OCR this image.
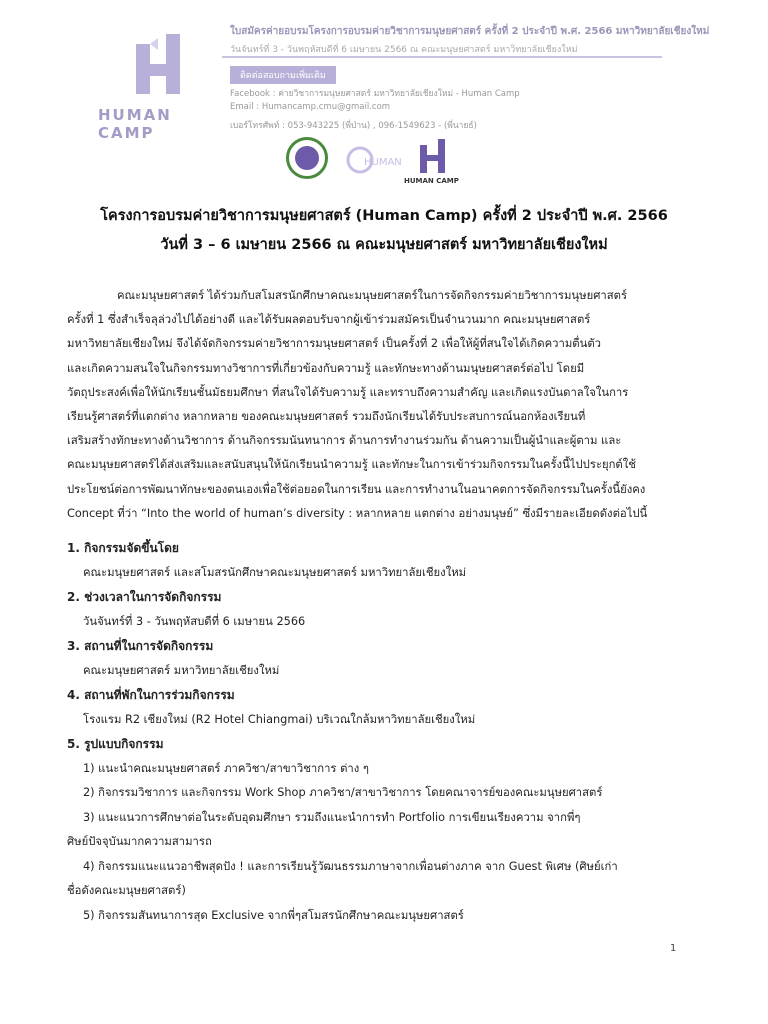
HUMAN CAMP
ใบสมัครค่ายอบรมโครงการอบรมค่ายวิชาการมนุษยศาสตร์ ครั้งที่ 2 ประจำปี พ.ศ. 2566 มหาวิทยาลัยเชียงใหม่
วันจันทร์ที่ 3 - วันพฤหัสบดีที่ 6 เมษายน 2566 ณ คณะมนุษยศาสตร์ มหาวิทยาลัยเชียงใหม่
ติดต่อสอบถามเพิ่มเติม
Facebook : ค่ายวิชาการมนุษยศาสตร์ มหาวิทยาลัยเชียงใหม่ - Human Camp
Email : Humancamp.cmu@gmail.com
เบอร์โทรศัพท์ : 053-943225 (พี่ป่าน) , 096-1549623 - (พี่นายธ์)
HUMAN
HUMAN CAMP
โครงการอบรมค่ายวิชาการมนุษยศาสตร์ (Human Camp) ครั้งที่ 2 ประจำปี พ.ศ. 2566
วันที่ 3 – 6 เมษายน 2566 ณ คณะมนุษยศาสตร์ มหาวิทยาลัยเชียงใหม่
คณะมนุษยศาสตร์ ได้ร่วมกับสโมสรนักศึกษาคณะมนุษยศาสตร์ในการจัดกิจกรรมค่ายวิชาการมนุษยศาสตร์
ครั้งที่ 1 ซึ่งสำเร็จลุล่วงไปได้อย่างดี และได้รับผลตอบรับจากผู้เข้าร่วมสมัครเป็นจำนวนมาก คณะมนุษยศาสตร์
มหาวิทยาลัยเชียงใหม่ จึงได้จัดกิจกรรมค่ายวิชาการมนุษยศาสตร์ เป็นครั้งที่ 2 เพื่อให้ผู้ที่สนใจได้เกิดความตื่นตัว
และเกิดความสนใจในกิจกรรมทางวิชาการที่เกี่ยวข้องกับความรู้ และทักษะทางด้านมนุษยศาสตร์ต่อไป โดยมี
วัตถุประสงค์เพื่อให้นักเรียนชั้นมัธยมศึกษา ที่สนใจได้รับความรู้ และทราบถึงความสำคัญ และเกิดแรงบันดาลใจในการ
เรียนรู้ศาสตร์ที่แตกต่าง หลากหลาย ของคณะมนุษยศาสตร์ รวมถึงนักเรียนได้รับประสบการณ์นอกห้องเรียนที่
เสริมสร้างทักษะทางด้านวิชาการ ด้านกิจกรรมนันทนาการ ด้านการทำงานร่วมกัน ด้านความเป็นผู้นำและผู้ตาม และ
คณะมนุษยศาสตร์ได้ส่งเสริมและสนับสนุนให้นักเรียนนำความรู้ และทักษะในการเข้าร่วมกิจกรรมในครั้งนี้ไปประยุกต์ใช้
ประโยชน์ต่อการพัฒนาทักษะของตนเองเพื่อใช้ต่อยอดในการเรียน และการทำงานในอนาคตการจัดกิจกรรมในครั้งนี้ยังคง
Concept ที่ว่า “Into the world of human’s diversity : หลากหลาย แตกต่าง อย่างมนุษย์” ซึ่งมีรายละเอียดดังต่อไปนี้
1. กิจกรรมจัดขึ้นโดย
คณะมนุษยศาสตร์ และสโมสรนักศึกษาคณะมนุษยศาสตร์ มหาวิทยาลัยเชียงใหม่
2. ช่วงเวลาในการจัดกิจกรรม
วันจันทร์ที่ 3 - วันพฤหัสบดีที่ 6 เมษายน 2566
3. สถานที่ในการจัดกิจกรรม
คณะมนุษยศาสตร์ มหาวิทยาลัยเชียงใหม่
4. สถานที่พักในการร่วมกิจกรรม
โรงแรม R2 เชียงใหม่ (R2 Hotel Chiangmai) บริเวณใกล้มหาวิทยาลัยเชียงใหม่
5. รูปแบบกิจกรรม
1) แนะนำคณะมนุษยศาสตร์ ภาควิชา/สาขาวิชาการ ต่าง ๆ
2) กิจกรรมวิชาการ และกิจกรรม Work Shop ภาควิชา/สาขาวิชาการ โดยคณาจารย์ของคณะมนุษยศาสตร์
3) แนะแนวการศึกษาต่อในระดับอุดมศึกษา รวมถึงแนะนำการทำ Portfolio การเขียนเรียงความ จากพี่ๆ
ศิษย์ปัจจุบันมากความสามารถ
4) กิจกรรมแนะแนวอาชีพสุดปัง ! และการเรียนรู้วัฒนธรรมภาษาจากเพื่อนต่างภาค จาก Guest พิเศษ (ศิษย์เก่า
ชื่อดังคณะมนุษยศาสตร์)
5) กิจกรรมสันทนาการสุด Exclusive จากพี่ๆสโมสรนักศึกษาคณะมนุษยศาสตร์
1
